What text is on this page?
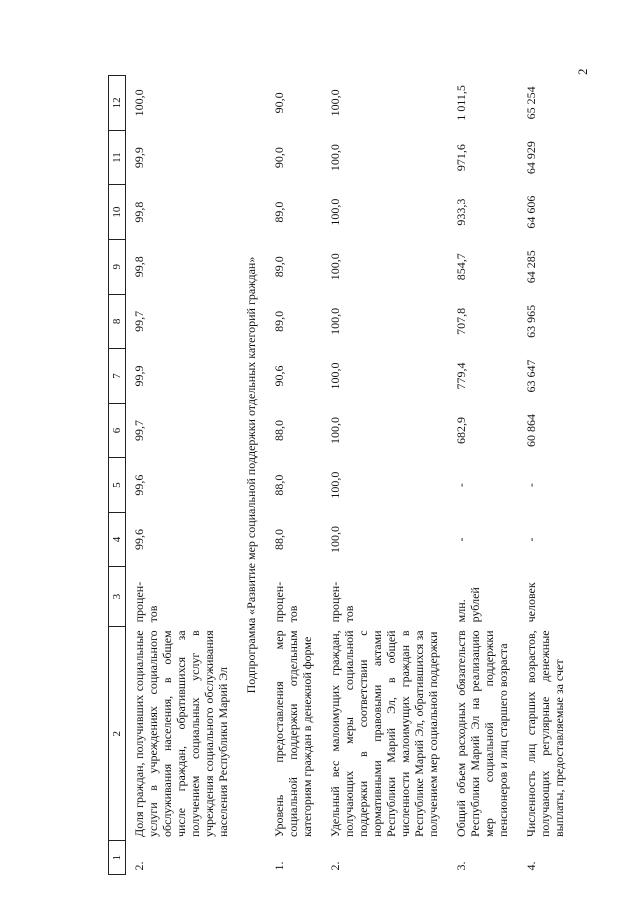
2
1	2	3	4	5	6	7	8	9	10	11	12
2.	Доля граждан, получивших социальные услуги в учреждениях социального обслуживания населения, в общем числе граждан, обратившихся за получением социальных услуг в учреждения социального обслуживания населения Республики Марий Эл	процен-тов	99,6	99,6	99,7	99,9	99,7	99,8	99,8	99,9	100,0
Подпрограмма «Развитие мер социальной поддержки отдельных категорий граждан»											
1.	Уровень предоставления мер социальной поддержки отдельным категориям граждан в денежной форме	процен-тов	88,0	88,0	88,0	90,6	89,0	89,0	89,0	90,0	90,0
2.	Удельный вес малоимущих граждан, получающих меры социальной поддержки в соответствии с нормативными правовыми актами Республики Марий Эл, в общей численности малоимущих граждан в Республике Марий Эл, обратившихся за получением мер социальной поддержки	процен-тов	100,0	100,0	100,0	100,0	100,0	100,0	100,0	100,0	100,0
3.	Общий объем расходных обязательств Республики Марий Эл на реализацию мер социальной поддержки пенсионеров и лиц старшего возраста	млн. рублей	-	-	682,9	779,4	707,8	854,7	933,3	971,6	1 011,5
4.	Численность лиц старших возрастов, получающих регулярные денежные выплаты, предоставляемые за счет	человек	-	-	60 864	63 647	63 965	64 285	64 606	64 929	65 254
